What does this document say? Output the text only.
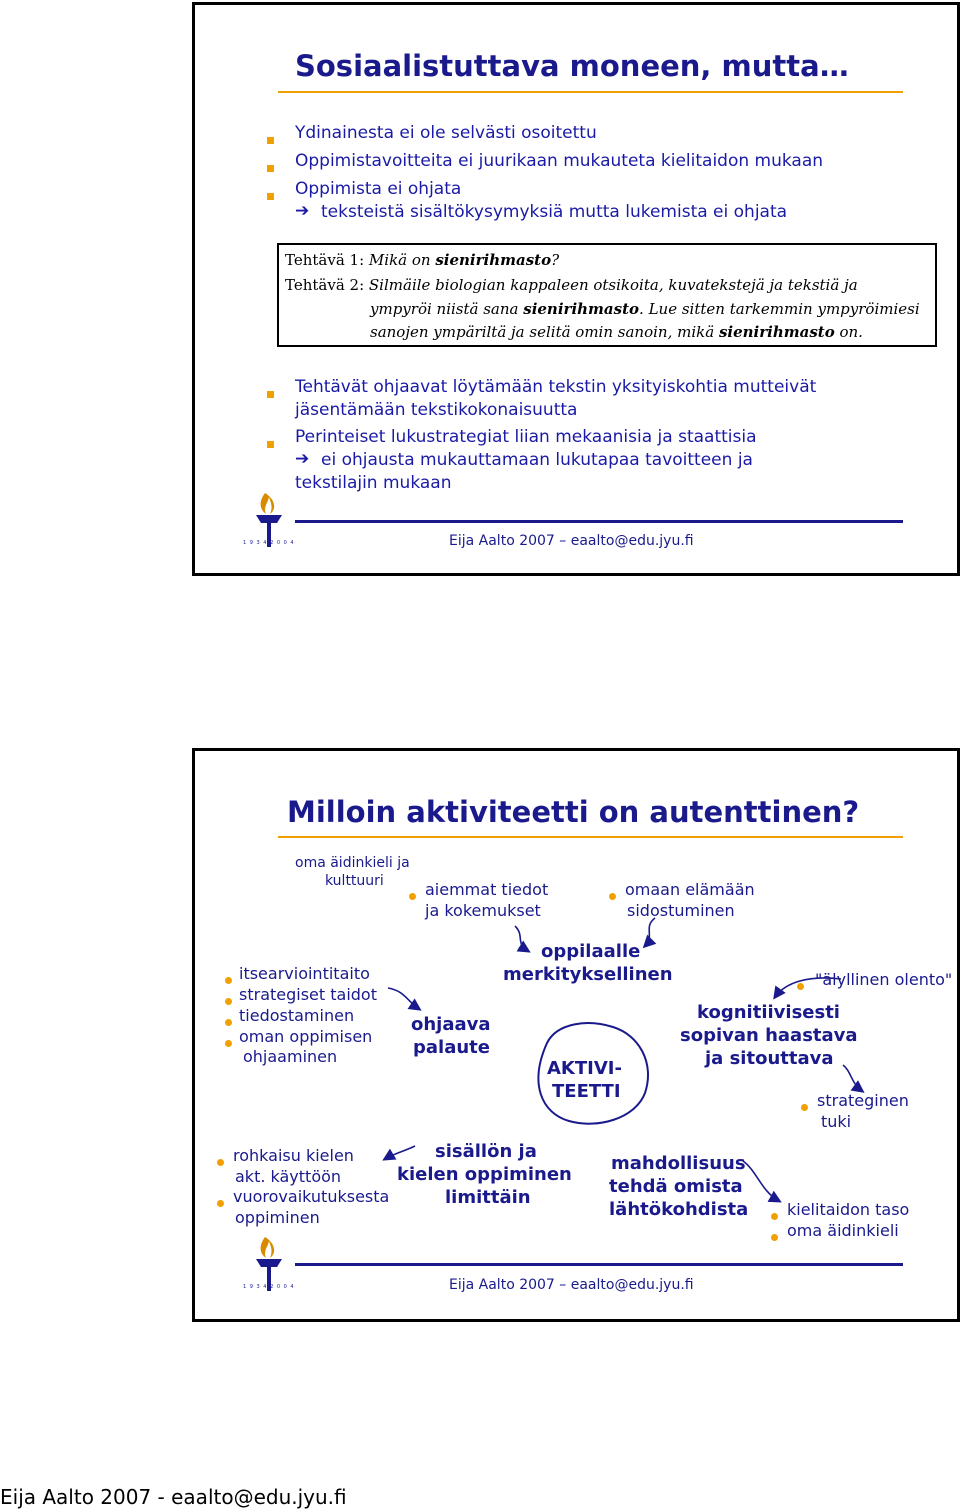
Sosiaalistuttava moneen, mutta…
Ydinainesta ei ole selvästi osoitettu
Oppimistavoitteita ei juurikaan mukauteta kielitaidon mukaan
Oppimista ei ohjata
➔ teksteistä sisältökysymyksiä mutta lukemista ei ohjata
Tehtävä 1: Mikä on sienirihmasto?
Tehtävä 2: Silmäile biologian kappaleen otsikoita, kuvatekstejä ja tekstiä ja
ympyröi niistä sana sienirihmasto. Lue sitten tarkemmin ympyröimiesi
sanojen ympäriltä ja selitä omin sanoin, mikä sienirihmasto on.
Tehtävät ohjaavat löytämään tekstin yksityiskohtia mutteivät
jäsentämään tekstikokonaisuutta
Perinteiset lukustrategiat liian mekaanisia ja staattisia
➔ ei ohjausta mukauttamaan lukutapaa tavoitteen ja
tekstilajin mukaan
1 9 3 4 2 0 0 4	Eija Aalto 2007 – eaalto@edu.jyu.fi
Milloin aktiviteetti on autenttinen?
oma äidinkieli ja
kulttuuri	aiemmat tiedot
ja kokemukset
omaan elämään
sidostuminen
oppilaalle
merkityksellinen	"älyllinen olento"
itsearviointitaito
strategiset taidot
tiedostaminen
oman oppimisen
ohjaaminen
ohjaava
palaute
AKTIVI-
TEETTI
kognitiivisesti
sopivan haastava
ja sitouttava
strateginen
tuki
rohkaisu kielen
akt. käyttöön
vuorovaikutuksesta
oppiminen
sisällön ja
kielen oppiminen
limittäin
mahdollisuus
tehdä omista
lähtökohdista kielitaidon taso
oma äidinkieli
1 9 3 4 2 0 0 4	Eija Aalto 2007 – eaalto@edu.jyu.fi
Eija Aalto 2007 - eaalto@edu.jyu.fi
